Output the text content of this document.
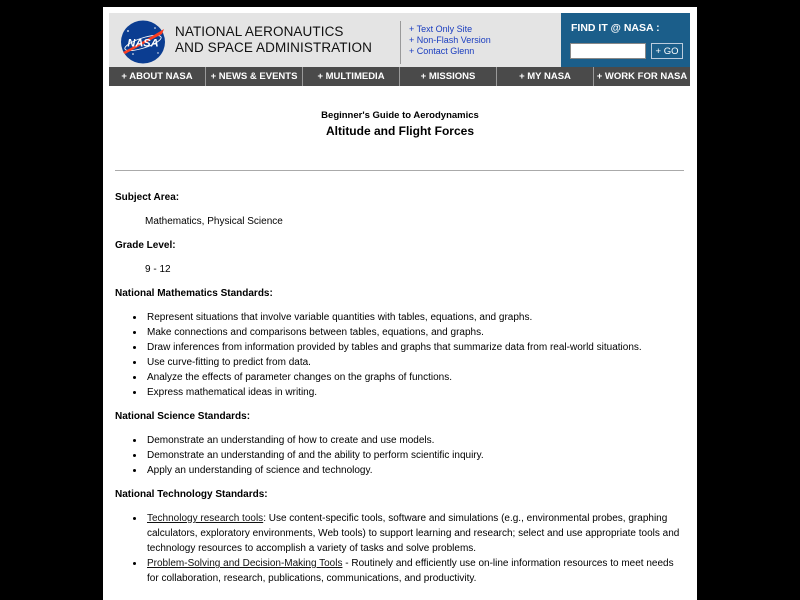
NASA
NATIONAL AERONAUTICS
AND SPACE ADMINISTRATION
+ Text Only Site
+ Non-Flash Version
+ Contact Glenn
FIND IT @ NASA :
+ GO
+ ABOUT NASA	+ NEWS & EVENTS	+ MULTIMEDIA	+ MISSIONS	+ MY NASA	+ WORK FOR NASA
Beginner's Guide to Aerodynamics
Altitude and Flight Forces
Subject Area:
Mathematics, Physical Science
Grade Level:
9 - 12
National Mathematics Standards:
• Represent situations that involve variable quantities with tables, equations, and graphs.
• Make connections and comparisons between tables, equations, and graphs.
• Draw inferences from information provided by tables and graphs that summarize data from real-world situations.
• Use curve-fitting to predict from data.
• Analyze the effects of parameter changes on the graphs of functions.
• Express mathematical ideas in writing.
National Science Standards:
• Demonstrate an understanding of how to create and use models.
• Demonstrate an understanding of and the ability to perform scientific inquiry.
• Apply an understanding of science and technology.
National Technology Standards:
• Technology research tools: Use content-specific tools, software and simulations (e.g., environmental probes, graphing calculators, exploratory environments, Web tools) to support learning and research; select and use appropriate tools and technology resources to accomplish a variety of tasks and solve problems.
• Problem-Solving and Decision-Making Tools - Routinely and efficiently use on-line information resources to meet needs for collaboration, research, publications, communications, and productivity.
